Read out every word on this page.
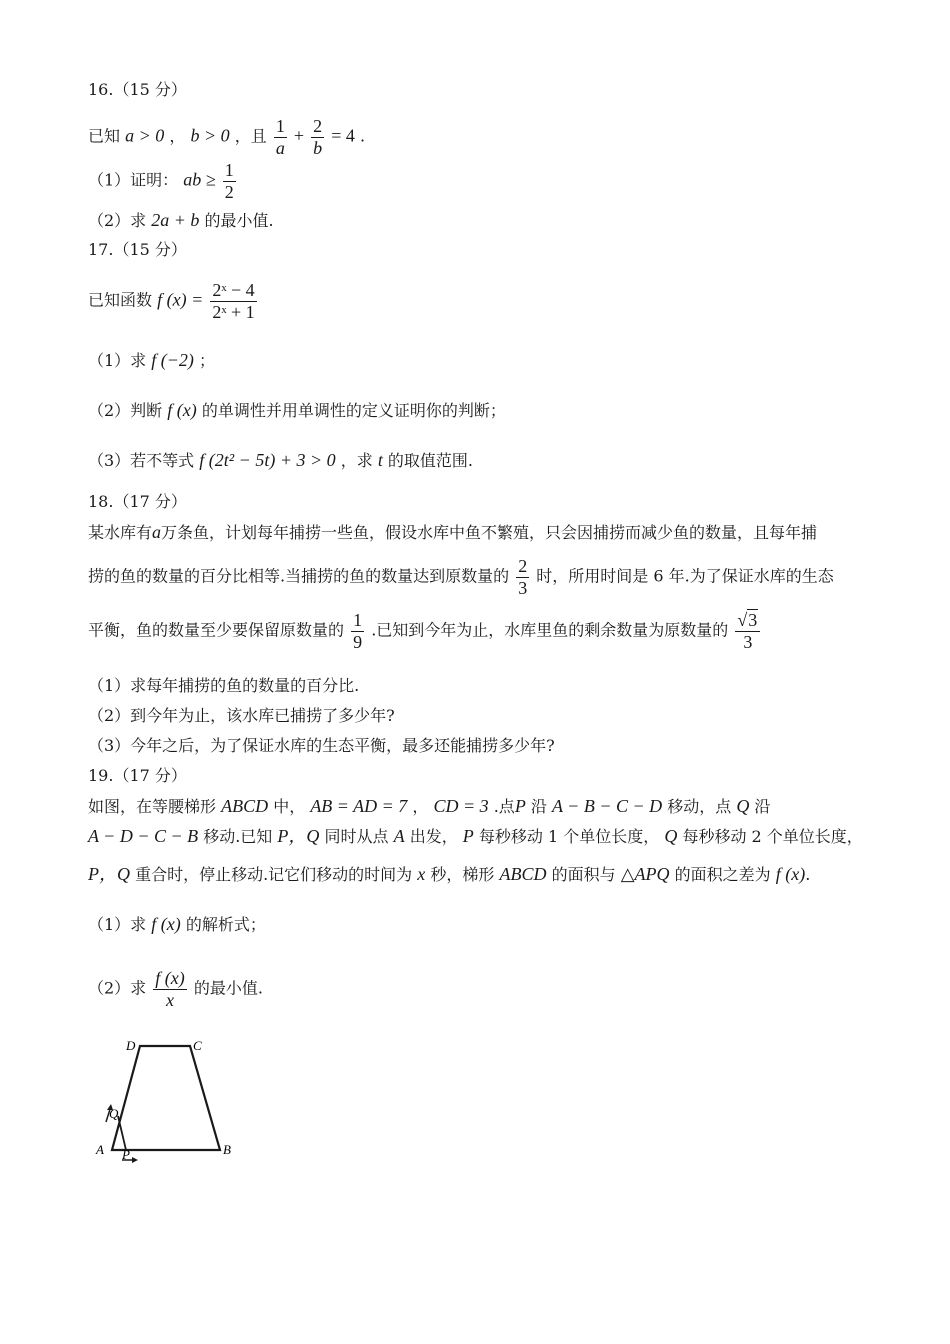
16.（15 分）
已知 a > 0 ， b > 0 ，且 $\frac{1}{a} + \frac{2}{b} = 4$ .
（1）证明： ab ≥ $\frac{1}{2}$
（2）求 2a + b 的最小值.
17.（15 分）
已知函数 f $(x) = \frac{\text{2ˣ − 4}}{\text{2ˣ + 1}}$
（1）求 f (−2) ；
（2）判断 f (x) 的单调性并用单调性的定义证明你的判断；
（3）若不等式 f (2t² − 5t) + 3 > 0 ，求 t 的取值范围.
18.（17 分）
某水库有a万条鱼，计划每年捕捞一些鱼，假设水库中鱼不繁殖，只会因捕捞而减少鱼的数量，且每年捕
捞的鱼的数量的百分比相等.当捕捞的鱼的数量达到原数量的 $\frac{2}{3}$ 时，所用时间是 6 年.为了保证水库的生态
平衡，鱼的数量至少要保留原数量的 $\frac{1}{9}$ .已知到今年为止，水库里鱼的剩余数量为原数量的 $\frac{√3}{3}$
（1）求每年捕捞的鱼的数量的百分比.
（2）到今年为止，该水库已捕捞了多少年?
（3）今年之后，为了保证水库的生态平衡，最多还能捕捞多少年?
19.（17 分）
如图，在等腰梯形 ABCD 中， AB = AD = 7 ， CD = 3 .点P 沿 A − B − C − D 移动，点 Q 沿
A − D − C − B 移动.已知 P，Q 同时从点 A 出发， P 每秒移动 1 个单位长度， Q 每秒移动 2 个单位长度，
P，Q 重合时，停止移动.记它们移动的时间为 x 秒，梯形 ABCD 的面积与 △APQ 的面积之差为 f (x).
（1）求 f (x) 的解析式；
（2）求 $\frac{f (x)}{x}$ 的最小值.
A	B
C
D
P
Q
